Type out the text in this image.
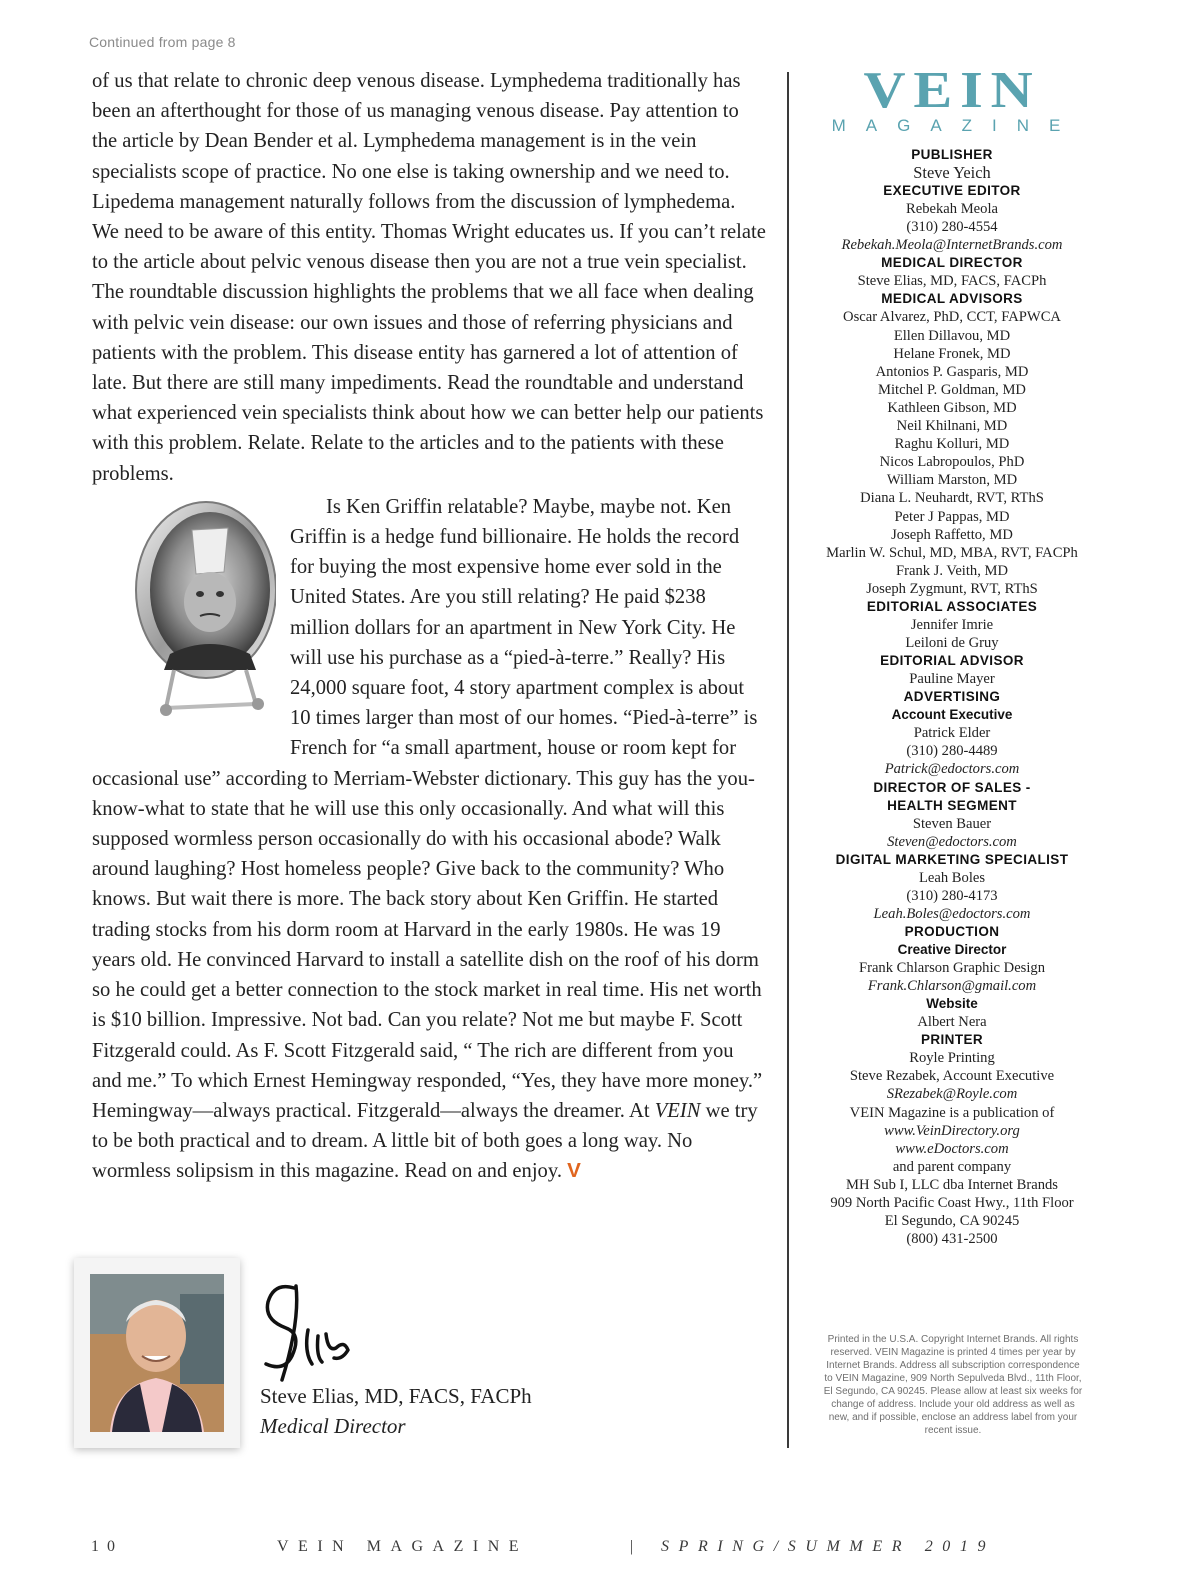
Continued from page 8

of us that relate to chronic deep venous disease. Lymphedema traditionally has been an afterthought for those of us managing venous disease. Pay attention to the article by Dean Bender et al. Lymphedema management is in the vein specialists scope of practice. No one else is taking ownership and we need to. Lipedema management naturally follows from the discussion of lymphedema. We need to be aware of this entity. Thomas Wright educates us. If you can’t relate to the article about pelvic venous disease then you are not a true vein specialist. The roundtable discussion highlights the problems that we all face when dealing with pelvic vein disease: our own issues and those of referring physicians and patients with the problem. This disease entity has garnered a lot of attention of late. But there are still many impediments. Read the roundtable and understand what experienced vein specialists think about how we can better help our patients with this problem. Relate. Relate to the articles and to the patients with these problems.

Is Ken Griffin relatable? Maybe, maybe not. Ken Griffin is a hedge fund billionaire. He holds the record for buying the most expensive home ever sold in the United States. Are you still relating? He paid $238 million dollars for an apartment in New York City. He will use his purchase as a “pied-à-terre.” Really? His 24,000 square foot, 4 story apartment complex is about 10 times larger than most of our homes. “Pied-à-terre” is French for “a small apartment, house or room kept for occasional use” according to Merriam-Webster dictionary. This guy has the you-know-what to state that he will use this only occasionally. And what will this supposed wormless person occasionally do with his occasional abode? Walk around laughing? Host homeless people? Give back to the community? Who knows. But wait there is more. The back story about Ken Griffin. He started trading stocks from his dorm room at Harvard in the early 1980s. He was 19 years old. He convinced Harvard to install a satellite dish on the roof of his dorm so he could get a better connection to the stock market in real time. His net worth is $10 billion. Impressive. Not bad. Can you relate? Not me but maybe F. Scott Fitzgerald could. As F. Scott Fitzgerald said, “ The rich are different from you and me.” To which Ernest Hemingway responded, “Yes, they have more money.” Hemingway—always practical. Fitzgerald—always the dreamer. At VEIN we try to be both practical and to dream. A little bit of both goes a long way. No wormless solipsism in this magazine. Read on and enjoy. V

Steve Elias, MD, FACS, FACPh
Medical Director
VEIN
MAGAZINE
PUBLISHER
Steve Yeich
EXECUTIVE EDITOR
Rebekah Meola
(310) 280-4554
Rebekah.Meola@InternetBrands.com
MEDICAL DIRECTOR
Steve Elias, MD, FACS, FACPh
MEDICAL ADVISORS
Oscar Alvarez, PhD, CCT, FAPWCA
Ellen Dillavou, MD
Helane Fronek, MD
Antonios P. Gasparis, MD
Mitchel P. Goldman, MD
Kathleen Gibson, MD
Neil Khilnani, MD
Raghu Kolluri, MD
Nicos Labropoulos, PhD
William Marston, MD
Diana L. Neuhardt, RVT, RThS
Peter J Pappas, MD
Joseph Raffetto, MD
Marlin W. Schul, MD, MBA, RVT, FACPh
Frank J. Veith, MD
Joseph Zygmunt, RVT, RThS
EDITORIAL ASSOCIATES
Jennifer Imrie
Leiloni de Gruy
EDITORIAL ADVISOR
Pauline Mayer
ADVERTISING
Account Executive
Patrick Elder
(310) 280-4489
Patrick@edoctors.com
DIRECTOR OF SALES -
HEALTH SEGMENT
Steven Bauer
Steven@edoctors.com
DIGITAL MARKETING SPECIALIST
Leah Boles
(310) 280-4173
Leah.Boles@edoctors.com
PRODUCTION
Creative Director
Frank Chlarson Graphic Design
Frank.Chlarson@gmail.com
Website
Albert Nera
PRINTER
Royle Printing
Steve Rezabek, Account Executive
SRezabek@Royle.com
VEIN Magazine is a publication of
www.VeinDirectory.org
www.eDoctors.com
and parent company
MH Sub I, LLC dba Internet Brands
909 North Pacific Coast Hwy., 11th Floor
El Segundo, CA 90245
(800) 431-2500
Printed in the U.S.A. Copyright Internet Brands. All rights reserved. VEIN Magazine is printed 4 times per year by Internet Brands. Address all subscription correspondence to VEIN Magazine, 909 North Sepulveda Blvd., 11th Floor, El Segundo, CA 90245. Please allow at least six weeks for change of address. Include your old address as well as new, and if possible, enclose an address label from your recent issue.
10	VEIN MAGAZINE	| SPRING/SUMMER 2019
